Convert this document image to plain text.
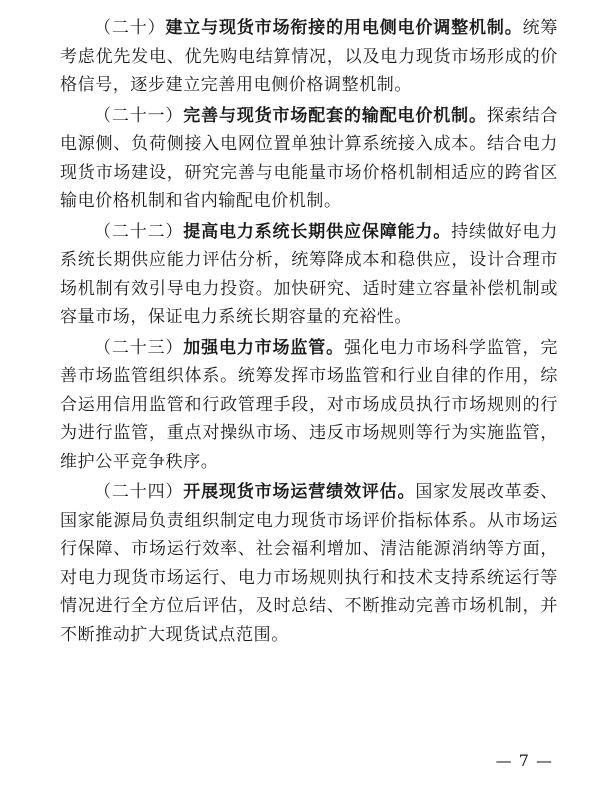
（二十）建立与现货市场衔接的用电侧电价调整机制。统筹考虑优先发电、优先购电结算情况，以及电力现货市场形成的价格信号，逐步建立完善用电侧价格调整机制。

（二十一）完善与现货市场配套的输配电价机制。探索结合电源侧、负荷侧接入电网位置单独计算系统接入成本。结合电力现货市场建设，研究完善与电能量市场价格机制相适应的跨省区输电价格机制和省内输配电价机制。

（二十二）提高电力系统长期供应保障能力。持续做好电力系统长期供应能力评估分析，统筹降成本和稳供应，设计合理市场机制有效引导电力投资。加快研究、适时建立容量补偿机制或容量市场，保证电力系统长期容量的充裕性。

（二十三）加强电力市场监管。强化电力市场科学监管，完善市场监管组织体系。统筹发挥市场监管和行业自律的作用，综合运用信用监管和行政管理手段，对市场成员执行市场规则的行为进行监管，重点对操纵市场、违反市场规则等行为实施监管，维护公平竞争秩序。

（二十四）开展现货市场运营绩效评估。国家发展改革委、国家能源局负责组织制定电力现货市场评价指标体系。从市场运行保障、市场运行效率、社会福利增加、清洁能源消纳等方面，对电力现货市场运行、电力市场规则执行和技术支持系统运行等情况进行全方位后评估，及时总结、不断推动完善市场机制，并不断推动扩大现货试点范围。

— 7 —
